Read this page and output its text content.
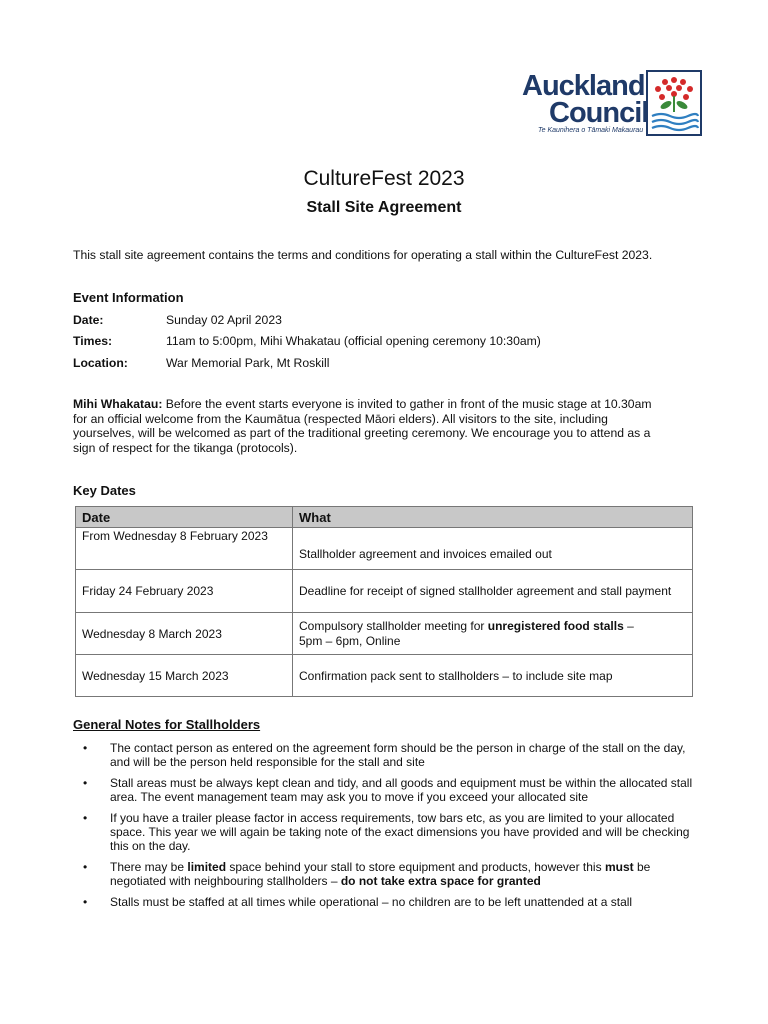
Auckland
Council
Te Kaunihera o Tāmaki Makaurau
CultureFest 2023
Stall Site Agreement
This stall site agreement contains the terms and conditions for operating a stall within the CultureFest 2023.
Event Information
Date:	Sunday 02 April 2023
Times:	11am to 5:00pm, Mihi Whakatau (official opening ceremony 10:30am)
Location:	War Memorial Park, Mt Roskill
Mihi Whakatau: Before the event starts everyone is invited to gather in front of the music stage at 10.30am
for an official welcome from the Kaumātua (respected Māori elders). All visitors to the site, including
yourselves, will be welcomed as part of the traditional greeting ceremony. We encourage you to attend as a
sign of respect for the tikanga (protocols).
Key Dates
Date	What
From Wednesday 8 February 2023	Stallholder agreement and invoices emailed out
Friday 24 February 2023	Deadline for receipt of signed stallholder agreement and stall payment
Wednesday 8 March 2023	Compulsory stallholder meeting for unregistered food stalls –
5pm – 6pm, Online
Wednesday 15 March 2023	Confirmation pack sent to stallholders – to include site map
General Notes for Stallholders
• The contact person as entered on the agreement form should be the person in charge of the stall on the day, and will be the person held responsible for the stall and site
• Stall areas must be always kept clean and tidy, and all goods and equipment must be within the allocated stall area. The event management team may ask you to move if you exceed your allocated site
• If you have a trailer please factor in access requirements, tow bars etc, as you are limited to your allocated space. This year we will again be taking note of the exact dimensions you have provided and will be checking this on the day.
• There may be limited space behind your stall to store equipment and products, however this must be negotiated with neighbouring stallholders – do not take extra space for granted
• Stalls must be staffed at all times while operational – no children are to be left unattended at a stall
